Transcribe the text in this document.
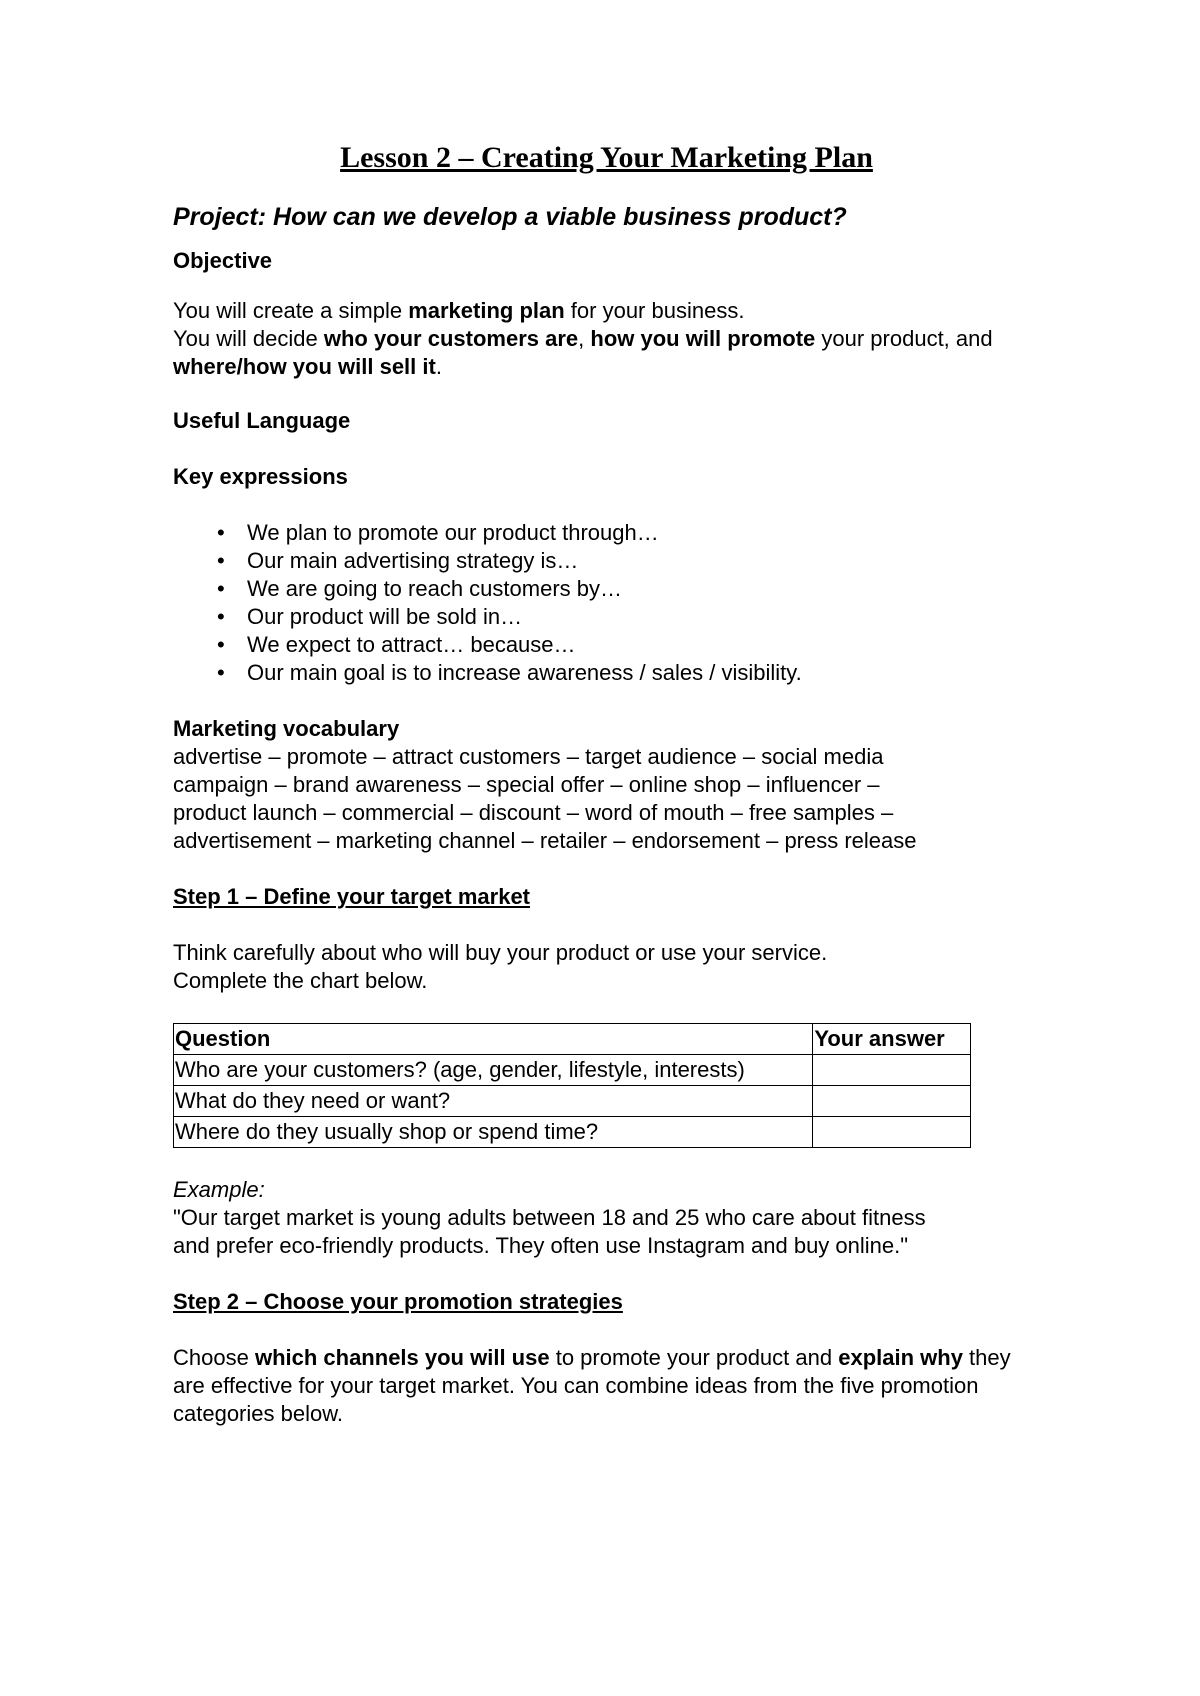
Lesson 2 – Creating Your Marketing Plan
Project: How can we develop a viable business product?

Objective

You will create a simple marketing plan for your business.

You will decide who your customers are, how you will promote your product, and where/how you will sell it.

Useful Language

Key expressions

• We plan to promote our product through…
• Our main advertising strategy is…
• We are going to reach customers by…
• Our product will be sold in…
• We expect to attract… because…
• Our main goal is to increase awareness / sales / visibility.

Marketing vocabulary

advertise – promote – attract customers – target audience – social media

campaign – brand awareness – special offer – online shop – influencer –

product launch – commercial – discount – word of mouth – free samples –

advertisement – marketing channel – retailer – endorsement – press release

Step 1 – Define your target market

Think carefully about who will buy your product or use your service.

Complete the chart below.

Question	Your answer
Who are your customers? (age, gender, lifestyle, interests)	
What do they need or want?	
Where do they usually shop or spend time?	

Example:

"Our target market is young adults between 18 and 25 who care about fitness

and prefer eco-friendly products. They often use Instagram and buy online."

Step 2 – Choose your promotion strategies

Choose which channels you will use to promote your product and explain why they are effective for your target market. You can combine ideas from the five promotion categories below.
